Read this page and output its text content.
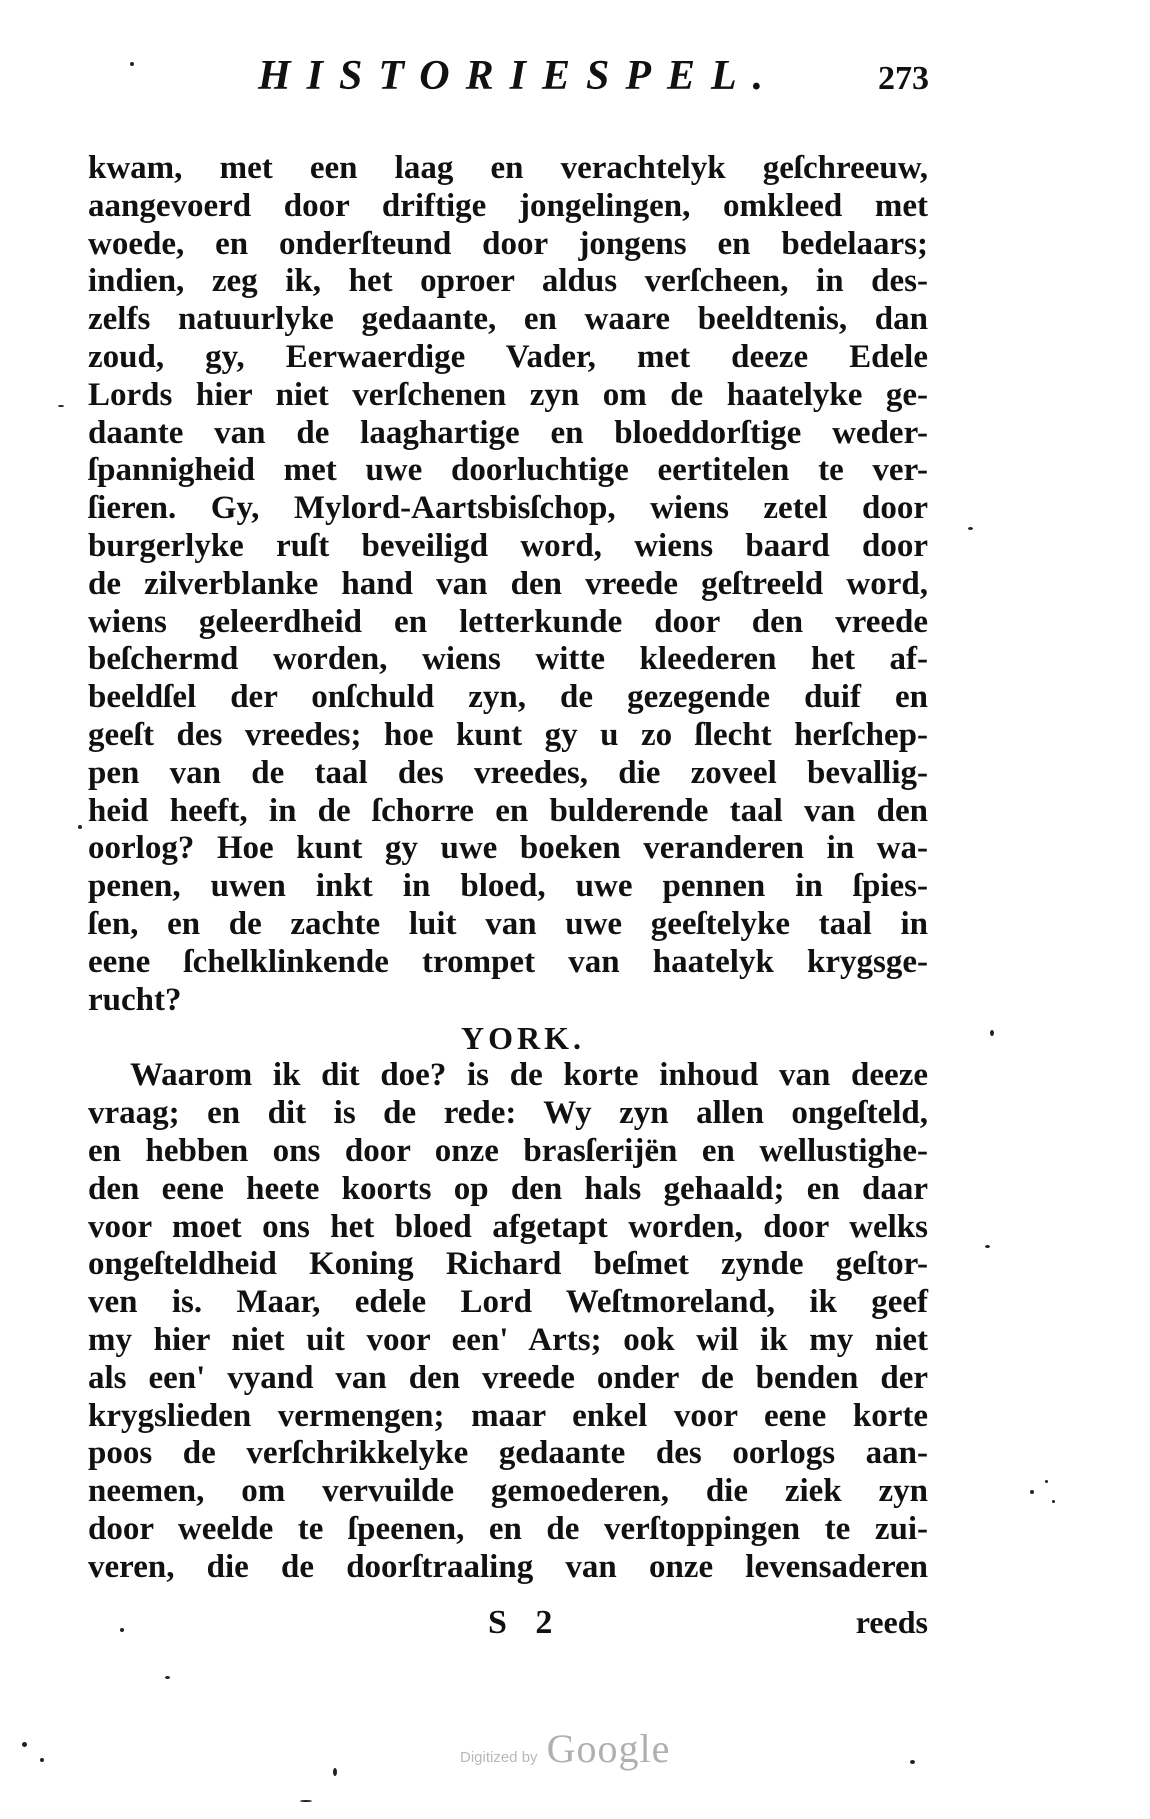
HISTORIESPEL.	273
kwam, met een laag en verachtelyk geſchreeuw,
aangevoerd door driftige jongelingen, omkleed met
woede, en onderſteund door jongens en bedelaars;
indien, zeg ik, het oproer aldus verſcheen, in des-
zelfs natuurlyke gedaante, en waare beeldtenis, dan
zoud, gy, Eerwaerdige Vader, met deeze Edele
Lords hier niet verſchenen zyn om de haatelyke ge-
daante van de laaghartige en bloeddorſtige weder-
ſpannigheid met uwe doorluchtige eertitelen te ver-
ſieren. Gy, Mylord-Aartsbisſchop, wiens zetel door
burgerlyke ruſt beveiligd word, wiens baard door
de zilverblanke hand van den vreede geſtreeld word,
wiens geleerdheid en letterkunde door den vreede
beſchermd worden, wiens witte kleederen het af-
beeldſel der onſchuld zyn, de gezegende duif en
geeſt des vreedes; hoe kunt gy u zo ſlecht herſchep-
pen van de taal des vreedes, die zoveel bevallig-
heid heeft, in de ſchorre en bulderende taal van den
oorlog? Hoe kunt gy uwe boeken veranderen in wa-
penen, uwen inkt in bloed, uwe pennen in ſpies-
ſen, en de zachte luit van uwe geeſtelyke taal in
eene ſchelklinkende trompet van haatelyk krygsge-
rucht?
YORK.
Waarom ik dit doe? is de korte inhoud van deeze
vraag; en dit is de rede: Wy zyn allen ongeſteld,
en hebben ons door onze brasſerijën en wellustighe-
den eene heete koorts op den hals gehaald; en daar
voor moet ons het bloed afgetapt worden, door welks
ongeſteldheid Koning Richard beſmet zynde geſtor-
ven is. Maar, edele Lord Weſtmoreland, ik geef
my hier niet uit voor een' Arts; ook wil ik my niet
als een' vyand van den vreede onder de benden der
krygslieden vermengen; maar enkel voor eene korte
poos de verſchrikkelyke gedaante des oorlogs aan-
neemen, om vervuilde gemoederen, die ziek zyn
door weelde te ſpeenen, en de verſtoppingen te zui-
veren, die de doorſtraaling van onze levensaderen
S 2	reeds
Digitized by Google
